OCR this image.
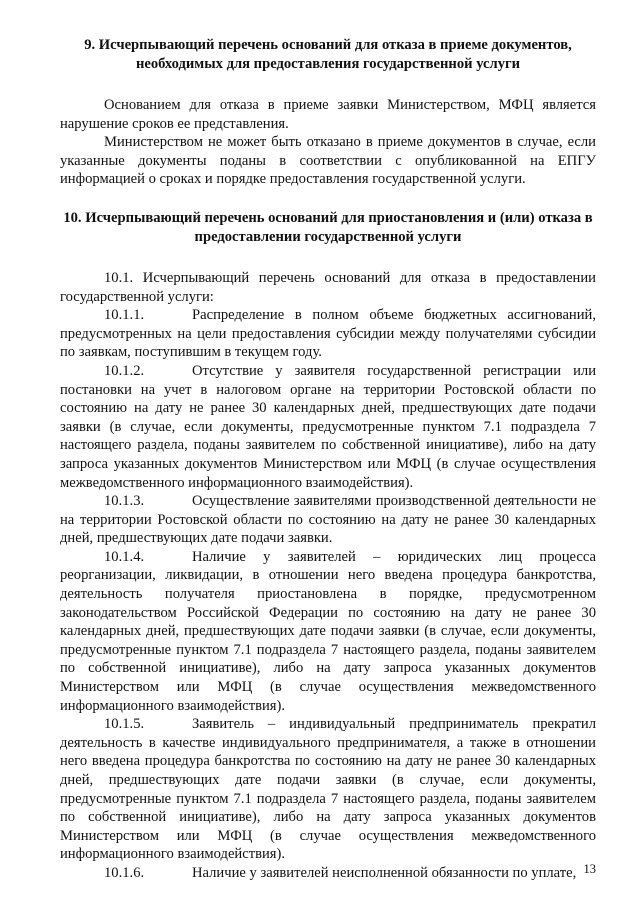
9. Исчерпывающий перечень оснований для отказа в приеме документов, необходимых для предоставления государственной услуги

Основанием для отказа в приеме заявки Министерством, МФЦ является нарушение сроков ее представления.

Министерством не может быть отказано в приеме документов в случае, если указанные документы поданы в соответствии с опубликованной на ЕПГУ информацией о сроках и порядке предоставления государственной услуги.

10. Исчерпывающий перечень оснований для приостановления и (или) отказа в предоставлении государственной услуги

10.1. Исчерпывающий перечень оснований для отказа в предоставлении государственной услуги:

10.1.1.	Распределение в полном объеме бюджетных ассигнований, предусмотренных на цели предоставления субсидии между получателями субсидии по заявкам, поступившим в текущем году.

10.1.2.	Отсутствие у заявителя государственной регистрации или постановки на учет в налоговом органе на территории Ростовской области по состоянию на дату не ранее 30 календарных дней, предшествующих дате подачи заявки (в случае, если документы, предусмотренные пунктом 7.1 подраздела 7 настоящего раздела, поданы заявителем по собственной инициативе), либо на дату запроса указанных документов Министерством или МФЦ (в случае осуществления межведомственного информационного взаимодействия).

10.1.3.	Осуществление заявителями производственной деятельности не на территории Ростовской области по состоянию на дату не ранее 30 календарных дней, предшествующих дате подачи заявки.

10.1.4.	Наличие у заявителей – юридических лиц процесса реорганизации, ликвидации, в отношении него введена процедура банкротства, деятельность получателя приостановлена в порядке, предусмотренном законодательством Российской Федерации по состоянию на дату не ранее 30 календарных дней, предшествующих дате подачи заявки (в случае, если документы, предусмотренные пунктом 7.1 подраздела 7 настоящего раздела, поданы заявителем по собственной инициативе), либо на дату запроса указанных документов Министерством или МФЦ (в случае осуществления межведомственного информационного взаимодействия).

10.1.5.	Заявитель – индивидуальный предприниматель прекратил деятельность в качестве индивидуального предпринимателя, а также в отношении него введена процедура банкротства по состоянию на дату не ранее 30 календарных дней, предшествующих дате подачи заявки (в случае, если документы, предусмотренные пунктом 7.1 подраздела 7 настоящего раздела, поданы заявителем по собственной инициативе), либо на дату запроса указанных документов Министерством или МФЦ (в случае осуществления межведомственного информационного взаимодействия).

10.1.6.	Наличие у заявителей неисполненной обязанности по уплате, 13
